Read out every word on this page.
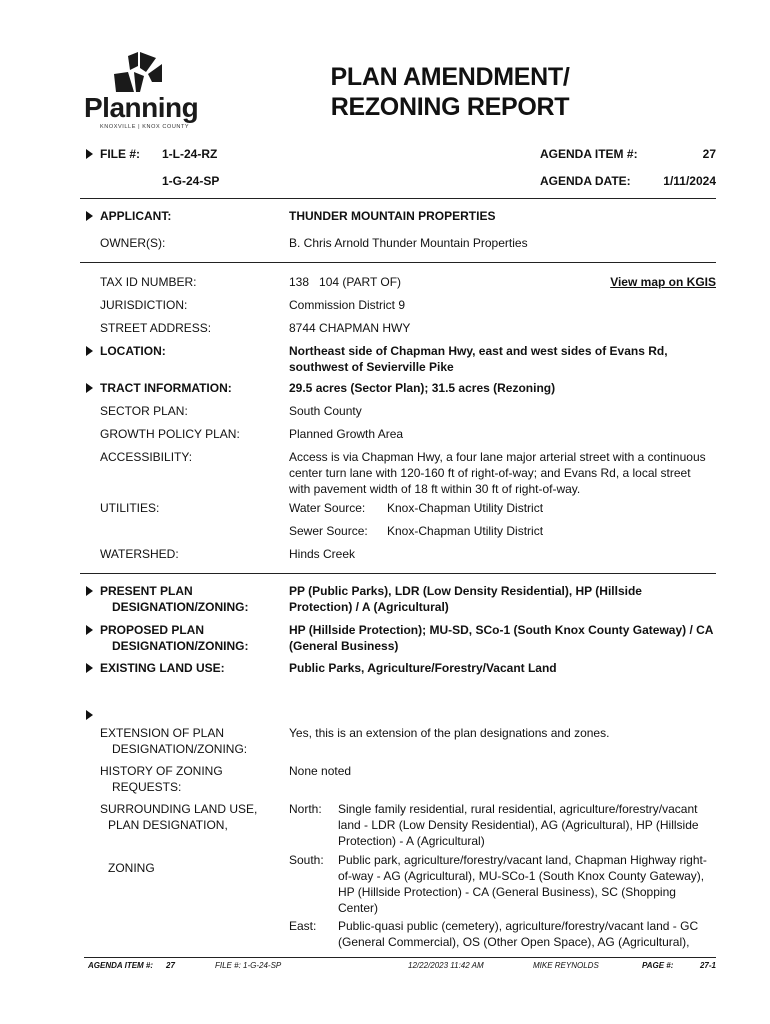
Planning
KNOXVILLE | KNOX COUNTY
PLAN AMENDMENT/
REZONING REPORT
FILE #: 1-L-24-RZ
1-G-24-SP
AGENDA ITEM #:	27
AGENDA DATE:	1/11/2024
APPLICANT:	THUNDER MOUNTAIN PROPERTIES
OWNER(S):	B. Chris Arnold Thunder Mountain Properties
TAX ID NUMBER:	138   104 (PART OF)	View map on KGIS
JURISDICTION:	Commission District 9
STREET ADDRESS:	8744 CHAPMAN HWY
LOCATION:	Northeast side of Chapman Hwy, east and west sides of Evans Rd, southwest of Sevierville Pike
TRACT INFORMATION:	29.5 acres (Sector Plan); 31.5 acres (Rezoning)
SECTOR PLAN:	South County
GROWTH POLICY PLAN:	Planned Growth Area
ACCESSIBILITY:	Access is via Chapman Hwy, a four lane major arterial street with a continuous center turn lane with 120-160 ft of right-of-way; and Evans Rd, a local street with pavement width of 18 ft within 30 ft of right-of-way.
UTILITIES:	Water Source: Knox-Chapman Utility District
Sewer Source: Knox-Chapman Utility District
WATERSHED:	Hinds Creek
PRESENT PLAN
DESIGNATION/ZONING:
PP (Public Parks), LDR (Low Density Residential), HP (Hillside Protection) / A (Agricultural)
PROPOSED PLAN
DESIGNATION/ZONING:
HP (Hillside Protection); MU-SD, SCo-1 (South Knox County Gateway) / CA (General Business)
EXISTING LAND USE:	Public Parks, Agriculture/Forestry/Vacant Land
EXTENSION OF PLAN
DESIGNATION/ZONING:
Yes, this is an extension of the plan designations and zones.
HISTORY OF ZONING
REQUESTS:
None noted
SURROUNDING LAND USE,
PLAN DESIGNATION,
ZONING
North: Single family residential, rural residential, agriculture/forestry/vacant land - LDR (Low Density Residential), AG (Agricultural), HP (Hillside Protection) - A (Agricultural)
South: Public park, agriculture/forestry/vacant land, Chapman Highway right-of-way - AG (Agricultural), MU-SCo-1 (South Knox County Gateway), HP (Hillside Protection) - CA (General Business), SC (Shopping Center)
East: Public-quasi public (cemetery), agriculture/forestry/vacant land - GC (General Commercial), OS (Other Open Space), AG (Agricultural),
AGENDA ITEM #: 27	FILE #: 1-G-24-SP	12/22/2023 11:42 AM	MIKE REYNOLDS	PAGE #:	27-1
